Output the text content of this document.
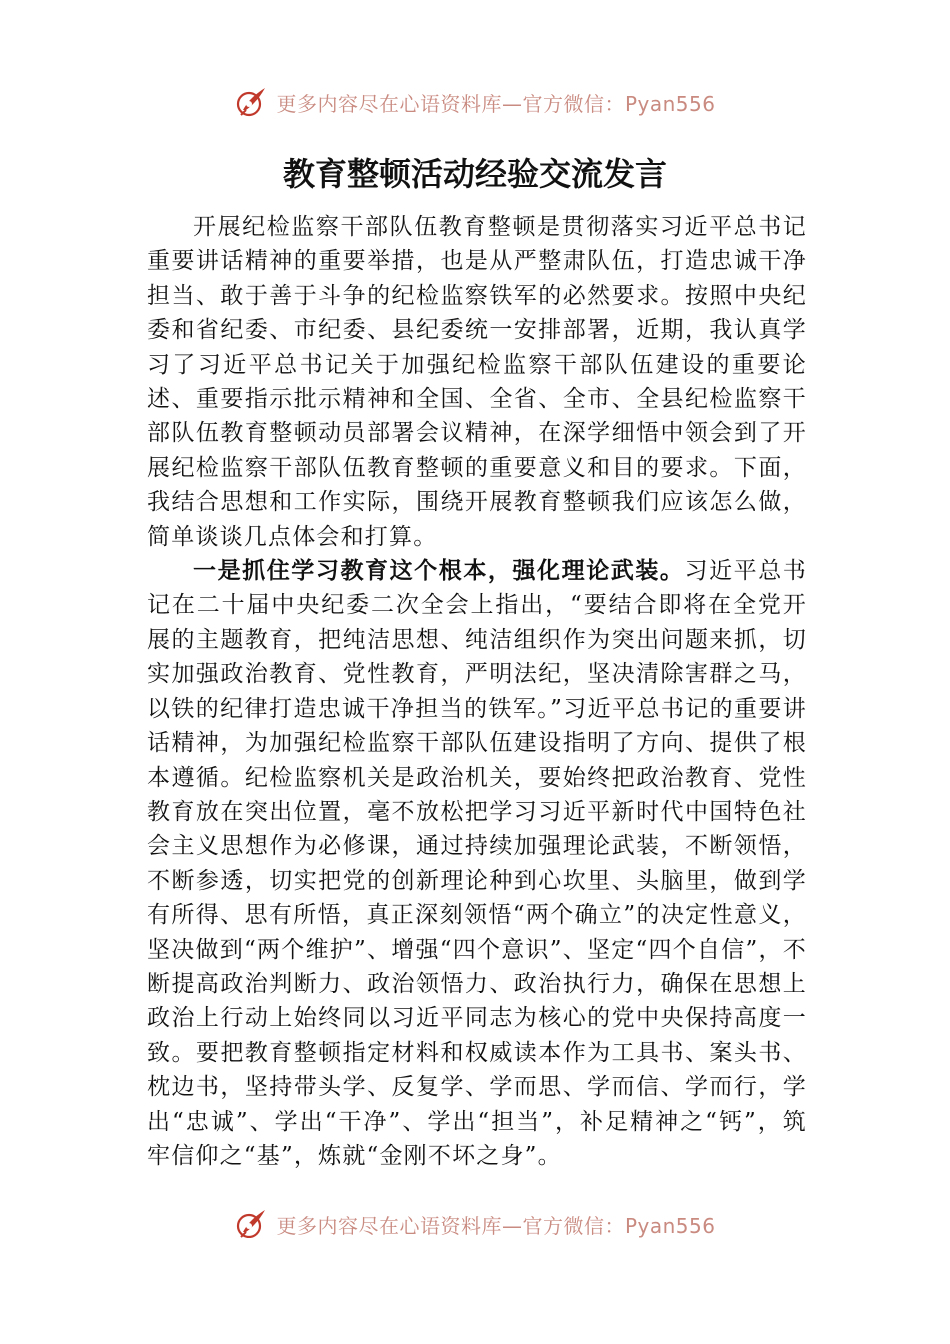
更多内容尽在心语资料库—官方微信：Pyan556
教育整顿活动经验交流发言

开展纪检监察干部队伍教育整顿是贯彻落实习近平总书记重要讲话精神的重要举措，也是从严整肃队伍，打造忠诚干净担当、敢于善于斗争的纪检监察铁军的必然要求。按照中央纪委和省纪委、市纪委、县纪委统一安排部署，近期，我认真学习了习近平总书记关于加强纪检监察干部队伍建设的重要论述、重要指示批示精神和全国、全省、全市、全县纪检监察干部队伍教育整顿动员部署会议精神，在深学细悟中领会到了开展纪检监察干部队伍教育整顿的重要意义和目的要求。下面，我结合思想和工作实际，围绕开展教育整顿我们应该怎么做，简单谈谈几点体会和打算。

一是抓住学习教育这个根本，强化理论武装。习近平总书记在二十届中央纪委二次全会上指出，“要结合即将在全党开展的主题教育，把纯洁思想、纯洁组织作为突出问题来抓，切实加强政治教育、党性教育，严明法纪，坚决清除害群之马，以铁的纪律打造忠诚干净担当的铁军。”习近平总书记的重要讲话精神，为加强纪检监察干部队伍建设指明了方向、提供了根本遵循。纪检监察机关是政治机关，要始终把政治教育、党性教育放在突出位置，毫不放松把学习习近平新时代中国特色社会主义思想作为必修课，通过持续加强理论武装，不断领悟，不断参透，切实把党的创新理论种到心坎里、头脑里，做到学有所得、思有所悟，真正深刻领悟“两个确立”的决定性意义，坚决做到“两个维护”、增强“四个意识”、坚定“四个自信”，不断提高政治判断力、政治领悟力、政治执行力，确保在思想上政治上行动上始终同以习近平同志为核心的党中央保持高度一致。要把教育整顿指定材料和权威读本作为工具书、案头书、枕边书，坚持带头学、反复学、学而思、学而信、学而行，学出“忠诚”、学出“干净”、学出“担当”，补足精神之“钙”，筑牢信仰之“基”，炼就“金刚不坏之身”。

更多内容尽在心语资料库—官方微信：Pyan556
